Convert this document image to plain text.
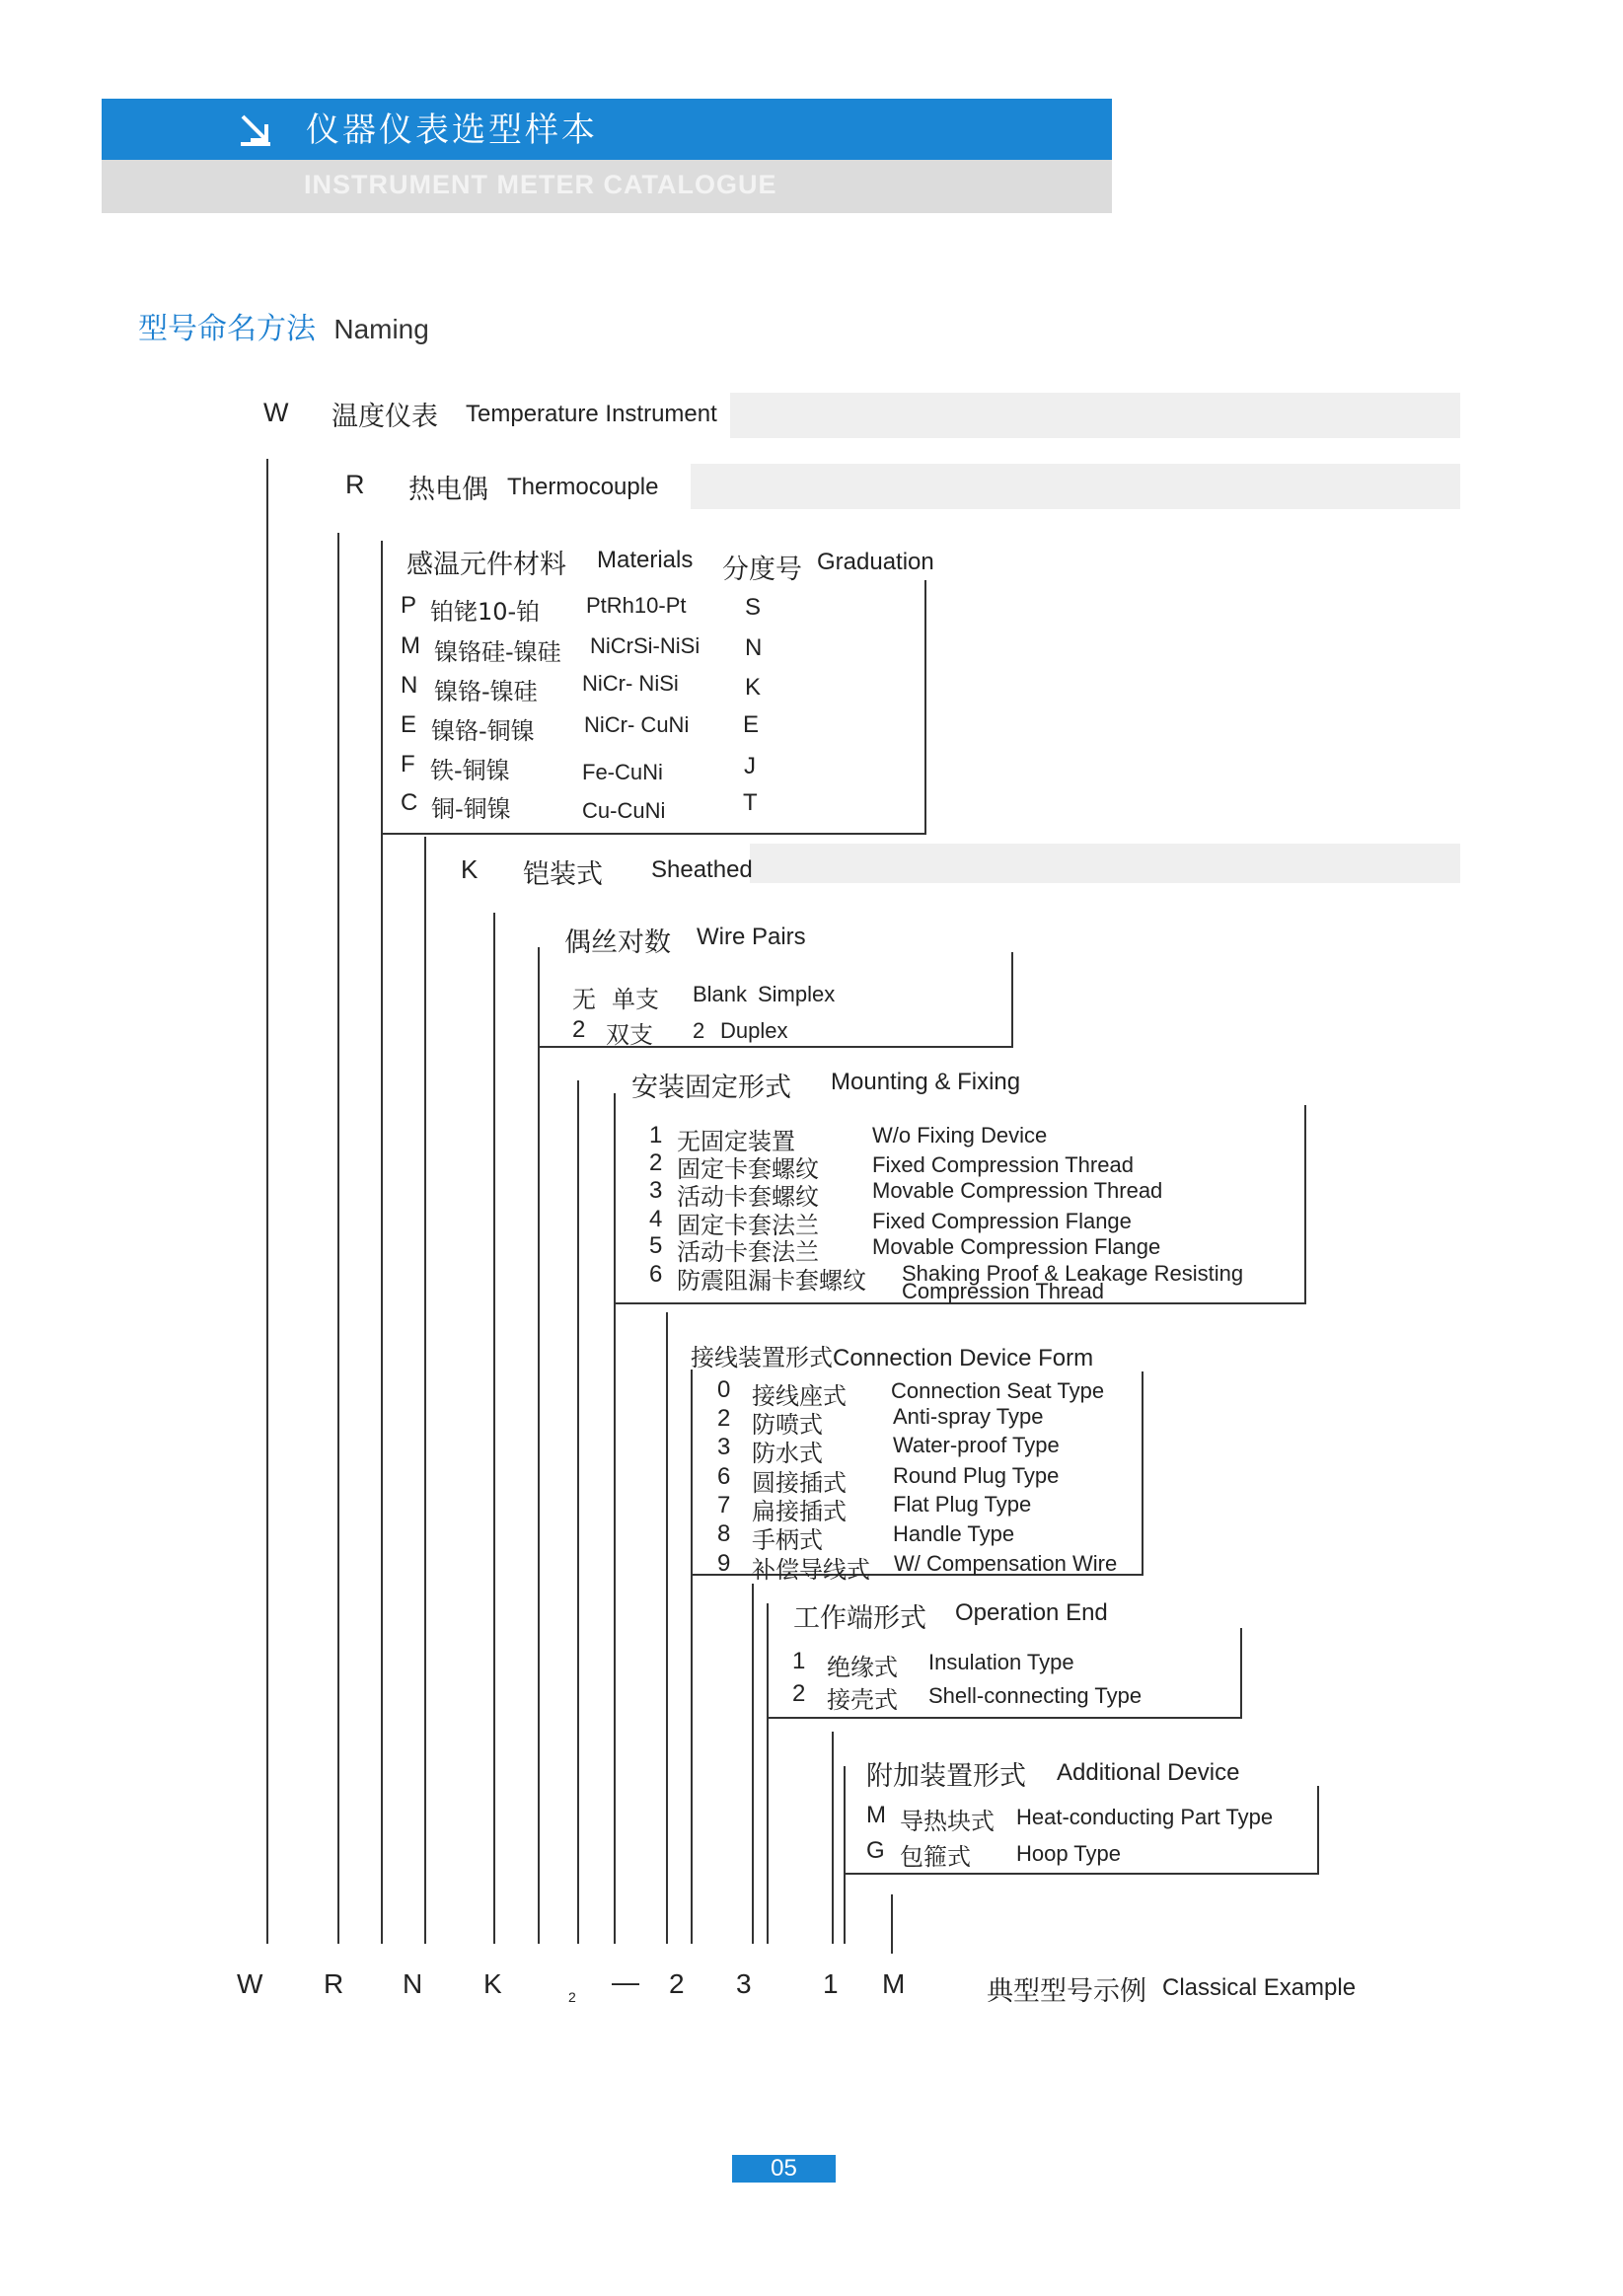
仪器仪表选型样本
INSTRUMENT METER CATALOGUE
型号命名方法 Naming
W 温度仪表 Temperature Instrument
R 热电偶 Thermocouple
感温元件材料 Materials 分度号 Graduation
P 铂铑10-铂 PtRh10-Pt S
M 镍铬硅-镍硅 NiCrSi-NiSi N
N 镍铬-镍硅 NiCr- NiSi	K
E 镍铬-铜镍 NiCr- CuNi E
F 铁-铜镍	Fe-CuNi	J
C 铜-铜镍	Cu-CuNi	T
K 铠装式 Sheathed
偶丝对数 Wire Pairs
无 单支 Blank Simplex
2 双支 2 Duplex
安装固定形式 Mounting & Fixing
1 无固定装置	W/o Fixing Device
2 固定卡套螺纹 Fixed Compression Thread
3 活动卡套螺纹 Movable Compression Thread
4 固定卡套法兰 Fixed Compression Flange
5 活动卡套法兰 Movable Compression Flange
6 防震阻漏卡套螺纹 Shaking Proof & Leakage Resisting
Compression Thread
接线装置形式Connection Device Form
0 接线座式 Connection Seat Type
2 防喷式	Anti-spray Type
3 防水式	Water-proof Type
6 圆接插式 Round Plug Type
7 扁接插式 Flat Plug Type
8 手柄式	Handle Type
9 补偿导线式 W/ Compensation Wire
工作端形式 Operation End
1 绝缘式 Insulation Type
2 接壳式 Shell-connecting Type
附加装置形式 Additional Device
M 导热块式 Heat-conducting Part Type
G 包箍式 Hoop Type
W R N K	2 — 2 3	1 M	典型型号示例 Classical Example
05
